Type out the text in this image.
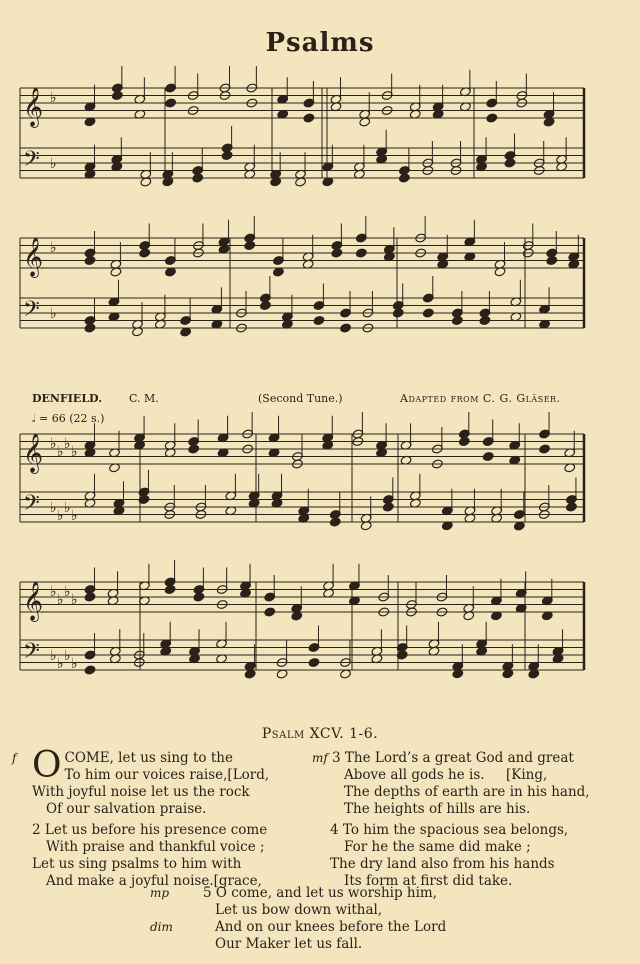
Psalms
𝄞 ♭
𝄢 ♭
𝄞 ♭
𝄢 ♭
𝄞 ♭ ♭ ♭ ♭
𝄢 ♭ ♭ ♭ ♭
𝄞 ♭ ♭ ♭ ♭
𝄢 ♭ ♭ ♭ ♭
DENFIELD. C. M.	(Second Tune.)	Adapted from C. G. Gläser.
𝅗𝅥 = 66 (22 s.)
Psalm XCV. 1-6.
f O COME, let us sing to the
To him our voices raise,[Lord,
With joyful noise let us the rock
Of our salvation praise.
2 Let us before his presence come
With praise and thankful voice ;
Let us sing psalms to him with
And make a joyful noise.[grace,
mf 3 The Lord’s a great God and great
Above all gods he is.     [King,
The depths of earth are in his hand,
The heights of hills are his.
4 To him the spacious sea belongs,
For he the same did make ;
The dry land also from his hands
Its form at first did take.
mp	5 O come, and let us worship him,
Let us bow down withal,
dim	And on our knees before the Lord
Our Maker let us fall.
